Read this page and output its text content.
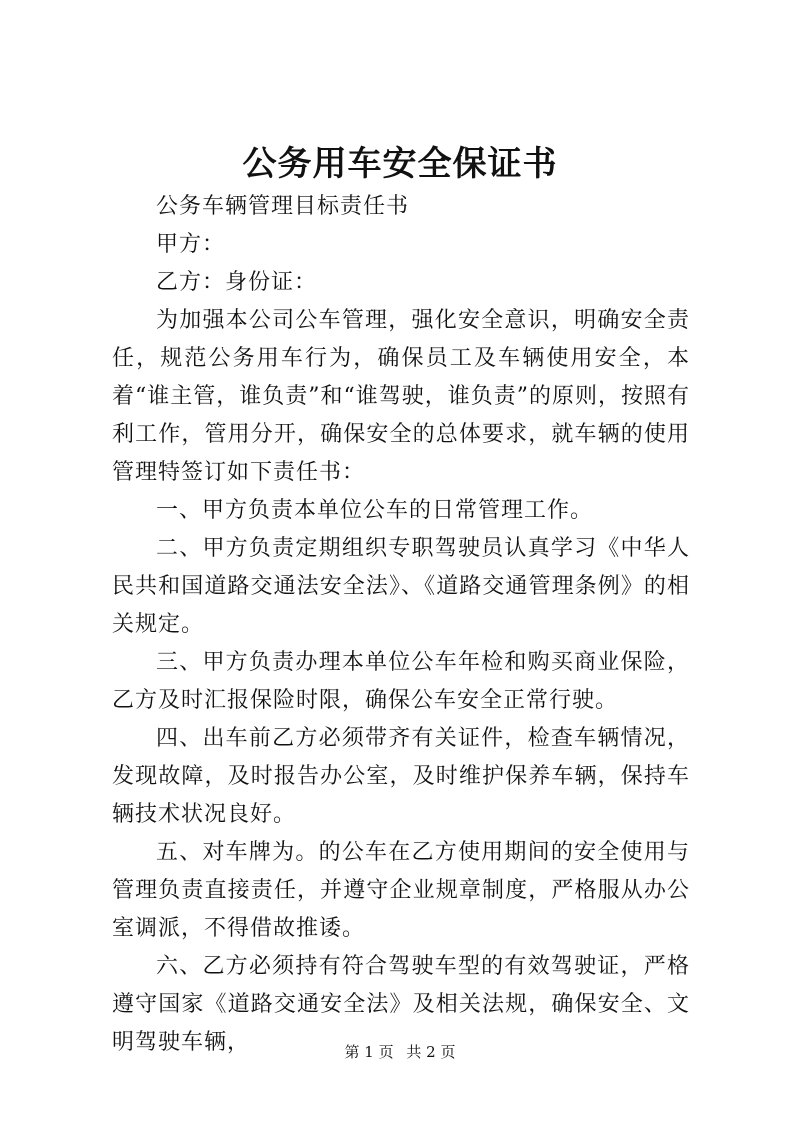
公务用车安全保证书

公务车辆管理目标责任书

甲方：

乙方：身份证：

为加强本公司公车管理，强化安全意识，明确安全责任，规范公务用车行为，确保员工及车辆使用安全，本着“谁主管，谁负责”和“谁驾驶，谁负责”的原则，按照有利工作，管用分开，确保安全的总体要求，就车辆的使用管理特签订如下责任书：

一、甲方负责本单位公车的日常管理工作。

二、甲方负责定期组织专职驾驶员认真学习《中华人民共和国道路交通法安全法》、《道路交通管理条例》的相关规定。

三、甲方负责办理本单位公车年检和购买商业保险，乙方及时汇报保险时限，确保公车安全正常行驶。

四、出车前乙方必须带齐有关证件，检查车辆情况，发现故障，及时报告办公室，及时维护保养车辆，保持车辆技术状况良好。

五、对车牌为。的公车在乙方使用期间的安全使用与管理负责直接责任，并遵守企业规章制度，严格服从办公室调派，不得借故推诿。

六、乙方必须持有符合驾驶车型的有效驾驶证，严格遵守国家《道路交通安全法》及相关法规，确保安全、文明驾驶车辆，	第 1 页 共 2 页
